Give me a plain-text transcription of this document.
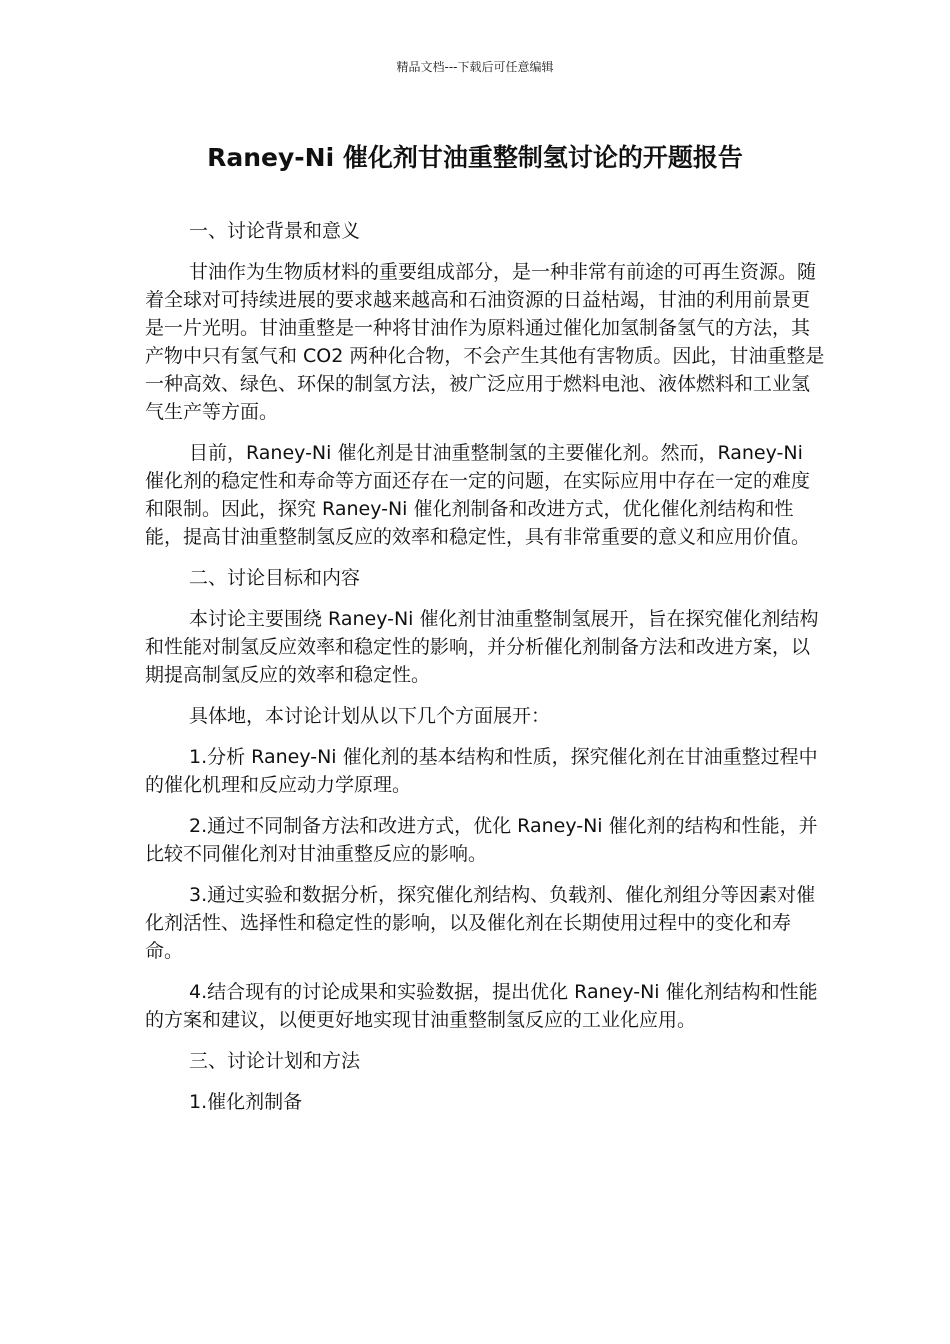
精品文档---下载后可任意编辑
Raney-Ni 催化剂甘油重整制氢讨论的开题报告

一、讨论背景和意义

甘油作为生物质材料的重要组成部分，是一种非常有前途的可再生资源。随着全球对可持续进展的要求越来越高和石油资源的日益枯竭，甘油的利用前景更是一片光明。甘油重整是一种将甘油作为原料通过催化加氢制备氢气的方法，其产物中只有氢气和 CO2 两种化合物，不会产生其他有害物质。因此，甘油重整是一种高效、绿色、环保的制氢方法，被广泛应用于燃料电池、液体燃料和工业氢气生产等方面。

目前，Raney-Ni 催化剂是甘油重整制氢的主要催化剂。然而，Raney-Ni 催化剂的稳定性和寿命等方面还存在一定的问题，在实际应用中存在一定的难度和限制。因此，探究 Raney-Ni 催化剂制备和改进方式，优化催化剂结构和性能，提高甘油重整制氢反应的效率和稳定性，具有非常重要的意义和应用价值。

二、讨论目标和内容

本讨论主要围绕 Raney-Ni 催化剂甘油重整制氢展开，旨在探究催化剂结构和性能对制氢反应效率和稳定性的影响，并分析催化剂制备方法和改进方案，以期提高制氢反应的效率和稳定性。

具体地，本讨论计划从以下几个方面展开：

1.分析 Raney-Ni 催化剂的基本结构和性质，探究催化剂在甘油重整过程中的催化机理和反应动力学原理。

2.通过不同制备方法和改进方式，优化 Raney-Ni 催化剂的结构和性能，并比较不同催化剂对甘油重整反应的影响。

3.通过实验和数据分析，探究催化剂结构、负载剂、催化剂组分等因素对催化剂活性、选择性和稳定性的影响，以及催化剂在长期使用过程中的变化和寿命。

4.结合现有的讨论成果和实验数据，提出优化 Raney-Ni 催化剂结构和性能的方案和建议，以便更好地实现甘油重整制氢反应的工业化应用。

三、讨论计划和方法

1.催化剂制备
